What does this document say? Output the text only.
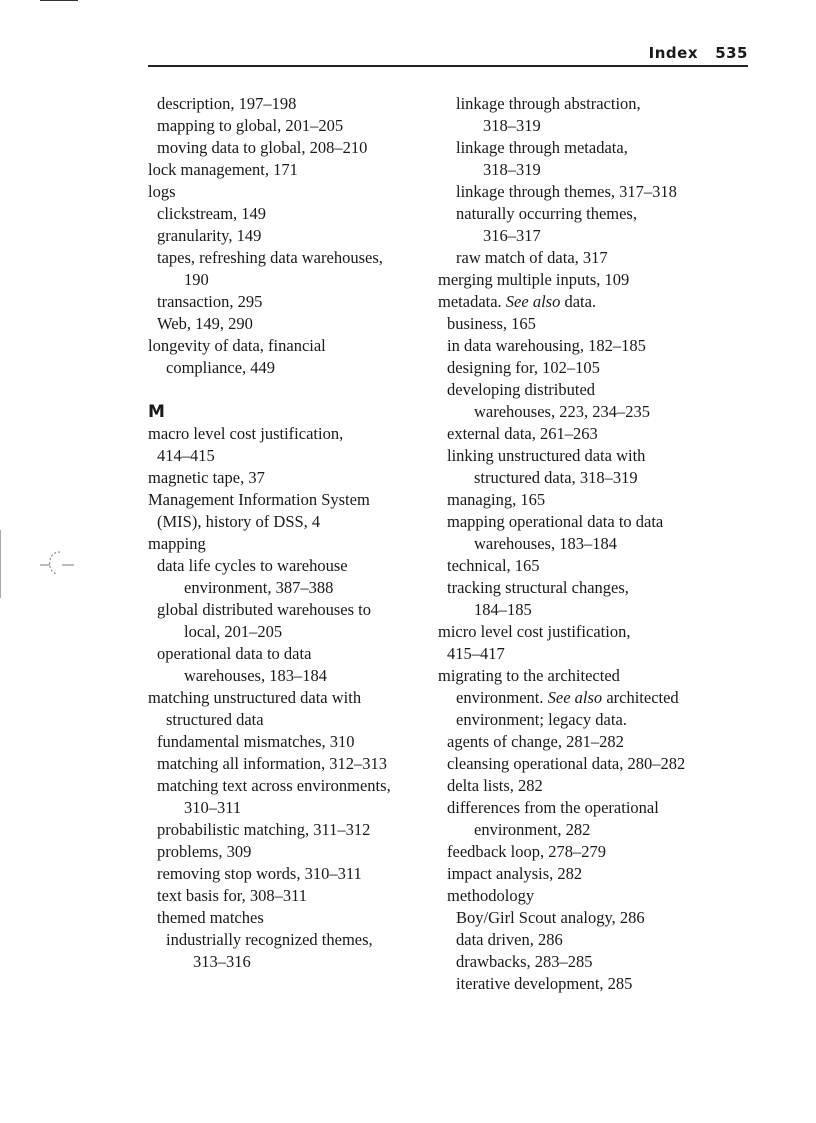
Index 535
description, 197–198
mapping to global, 201–205
moving data to global, 208–210
lock management, 171
logs
clickstream, 149
granularity, 149
tapes, refreshing data warehouses,
190
transaction, 295
Web, 149, 290
longevity of data, financial
compliance, 449
M
macro level cost justification,
414–415
magnetic tape, 37
Management Information System
(MIS), history of DSS, 4
mapping
data life cycles to warehouse
environment, 387–388
global distributed warehouses to
local, 201–205
operational data to data
warehouses, 183–184
matching unstructured data with
structured data
fundamental mismatches, 310
matching all information, 312–313
matching text across environments,
310–311
probabilistic matching, 311–312
problems, 309
removing stop words, 310–311
text basis for, 308–311
themed matches
industrially recognized themes,
313–316
linkage through abstraction,
318–319
linkage through metadata,
318–319
linkage through themes, 317–318
naturally occurring themes,
316–317
raw match of data, 317
merging multiple inputs, 109
metadata. See also data.
business, 165
in data warehousing, 182–185
designing for, 102–105
developing distributed
warehouses, 223, 234–235
external data, 261–263
linking unstructured data with
structured data, 318–319
managing, 165
mapping operational data to data
warehouses, 183–184
technical, 165
tracking structural changes,
184–185
micro level cost justification,
415–417
migrating to the architected
environment. See also architected
environment; legacy data.
agents of change, 281–282
cleansing operational data, 280–282
delta lists, 282
differences from the operational
environment, 282
feedback loop, 278–279
impact analysis, 282
methodology
Boy/Girl Scout analogy, 286
data driven, 286
drawbacks, 283–285
iterative development, 285
